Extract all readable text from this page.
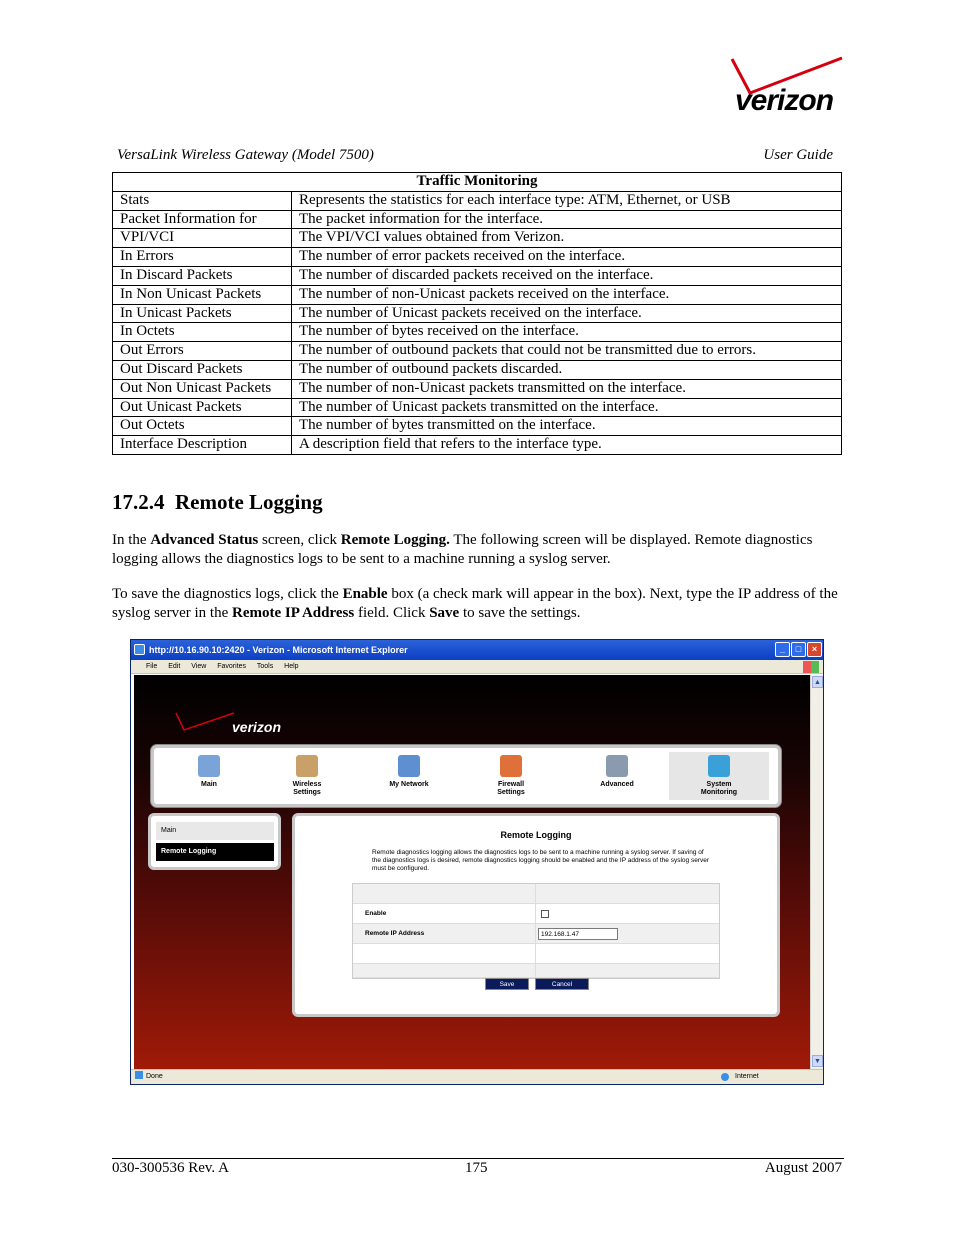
verizon
VersaLink Wireless Gateway (Model 7500)	User Guide
Traffic Monitoring	
Stats	Represents the statistics for each interface type: ATM, Ethernet, or USB
Packet Information for	The packet information for the interface.
VPI/VCI	The VPI/VCI values obtained from Verizon.
In Errors	The number of error packets received on the interface.
In Discard Packets	The number of discarded packets received on the interface.
In Non Unicast Packets	The number of non-Unicast packets received on the interface.
In Unicast Packets	The number of Unicast packets received on the interface.
In Octets	The number of bytes received on the interface.
Out Errors	The number of outbound packets that could not be transmitted due to errors.
Out Discard Packets	The number of outbound packets discarded.
Out Non Unicast Packets	The number of non-Unicast packets transmitted on the interface.
Out Unicast Packets	The number of Unicast packets transmitted on the interface.
Out Octets	The number of bytes transmitted on the interface.
Interface Description	A description field that refers to the interface type.
17.2.4 Remote Logging
In the Advanced Status screen, click Remote Logging. The following screen will be displayed. Remote diagnostics logging allows the diagnostics logs to be sent to a machine running a syslog server.
To save the diagnostics logs, click the Enable box (a check mark will appear in the box). Next, type the IP address of the syslog server in the Remote IP Address field. Click Save to save the settings.
http://10.16.90.10:2420 - Verizon - Microsoft Internet Explorer	_	□	×
File Edit View Favorites Tools Help
verizon
Main	Wireless
Settings
My Network	Firewall
Settings
Advanced	System
Monitoring
Main
Remote Logging
Remote Logging
Remote diagnostics logging allows the diagnostics logs to be sent to a machine running a syslog server. If saving of the diagnostics logs is desired, remote diagnostics logging should be enabled and the IP address of the syslog server must be configured.
Enable
Remote IP Address	192.168.1.47
Save	Cancel
▲
▼
Done	Internet
030-300536 Rev. A	175	August 2007
